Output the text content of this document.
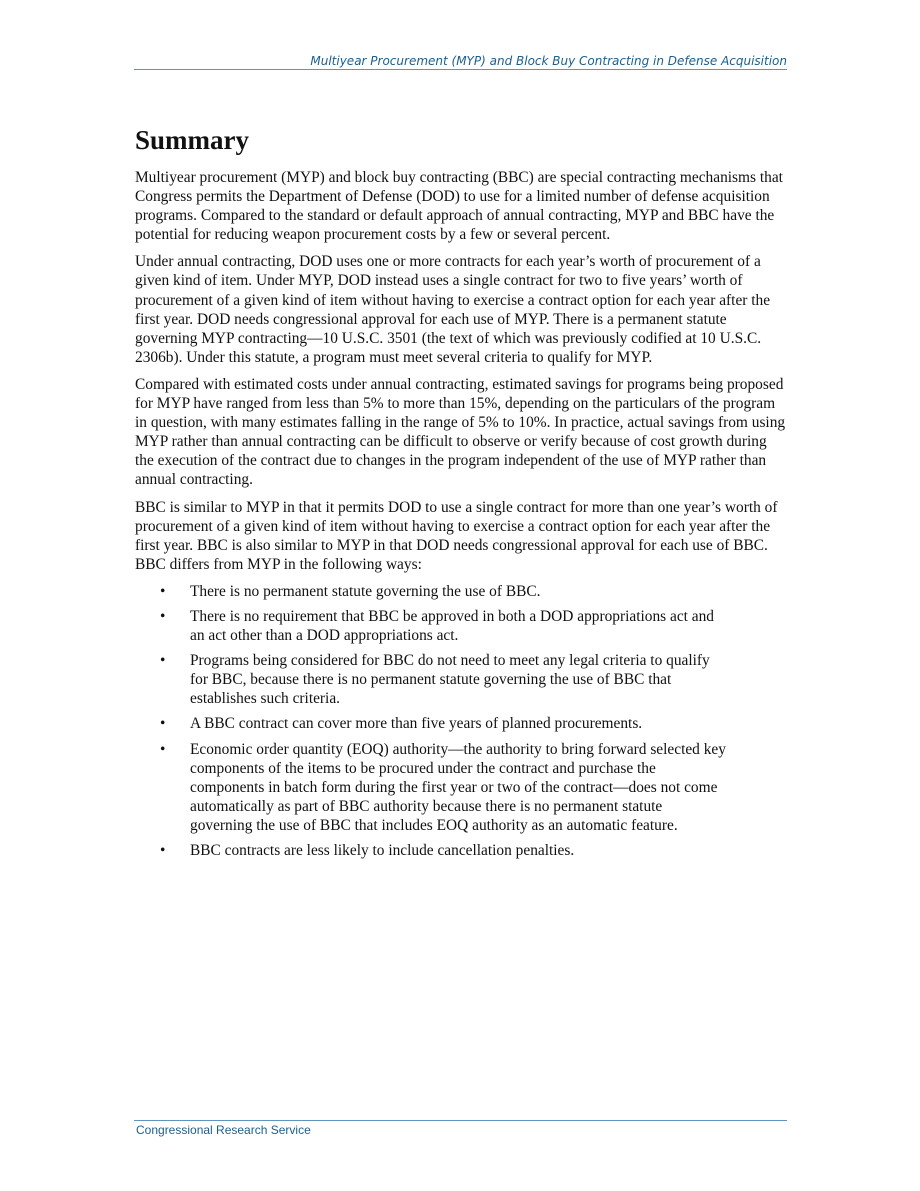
Multiyear Procurement (MYP) and Block Buy Contracting in Defense Acquisition
Summary

Multiyear procurement (MYP) and block buy contracting (BBC) are special contracting mechanisms that Congress permits the Department of Defense (DOD) to use for a limited number of defense acquisition programs. Compared to the standard or default approach of annual contracting, MYP and BBC have the potential for reducing weapon procurement costs by a few or several percent.

Under annual contracting, DOD uses one or more contracts for each year’s worth of procurement of a given kind of item. Under MYP, DOD instead uses a single contract for two to five years’ worth of procurement of a given kind of item without having to exercise a contract option for each year after the first year. DOD needs congressional approval for each use of MYP. There is a permanent statute governing MYP contracting—10 U.S.C. 3501 (the text of which was previously codified at 10 U.S.C. 2306b). Under this statute, a program must meet several criteria to qualify for MYP.

Compared with estimated costs under annual contracting, estimated savings for programs being proposed for MYP have ranged from less than 5% to more than 15%, depending on the particulars of the program in question, with many estimates falling in the range of 5% to 10%. In practice, actual savings from using MYP rather than annual contracting can be difficult to observe or verify because of cost growth during the execution of the contract due to changes in the program independent of the use of MYP rather than annual contracting.

BBC is similar to MYP in that it permits DOD to use a single contract for more than one year’s worth of procurement of a given kind of item without having to exercise a contract option for each year after the first year. BBC is also similar to MYP in that DOD needs congressional approval for each use of BBC. BBC differs from MYP in the following ways:

• There is no permanent statute governing the use of BBC.
• There is no requirement that BBC be approved in both a DOD appropriations act and an act other than a DOD appropriations act.
• Programs being considered for BBC do not need to meet any legal criteria to qualify for BBC, because there is no permanent statute governing the use of BBC that establishes such criteria.
• A BBC contract can cover more than five years of planned procurements.
• Economic order quantity (EOQ) authority—the authority to bring forward selected key components of the items to be procured under the contract and purchase the components in batch form during the first year or two of the contract—does not come automatically as part of BBC authority because there is no permanent statute governing the use of BBC that includes EOQ authority as an automatic feature.
• BBC contracts are less likely to include cancellation penalties.
Congressional Research Service
